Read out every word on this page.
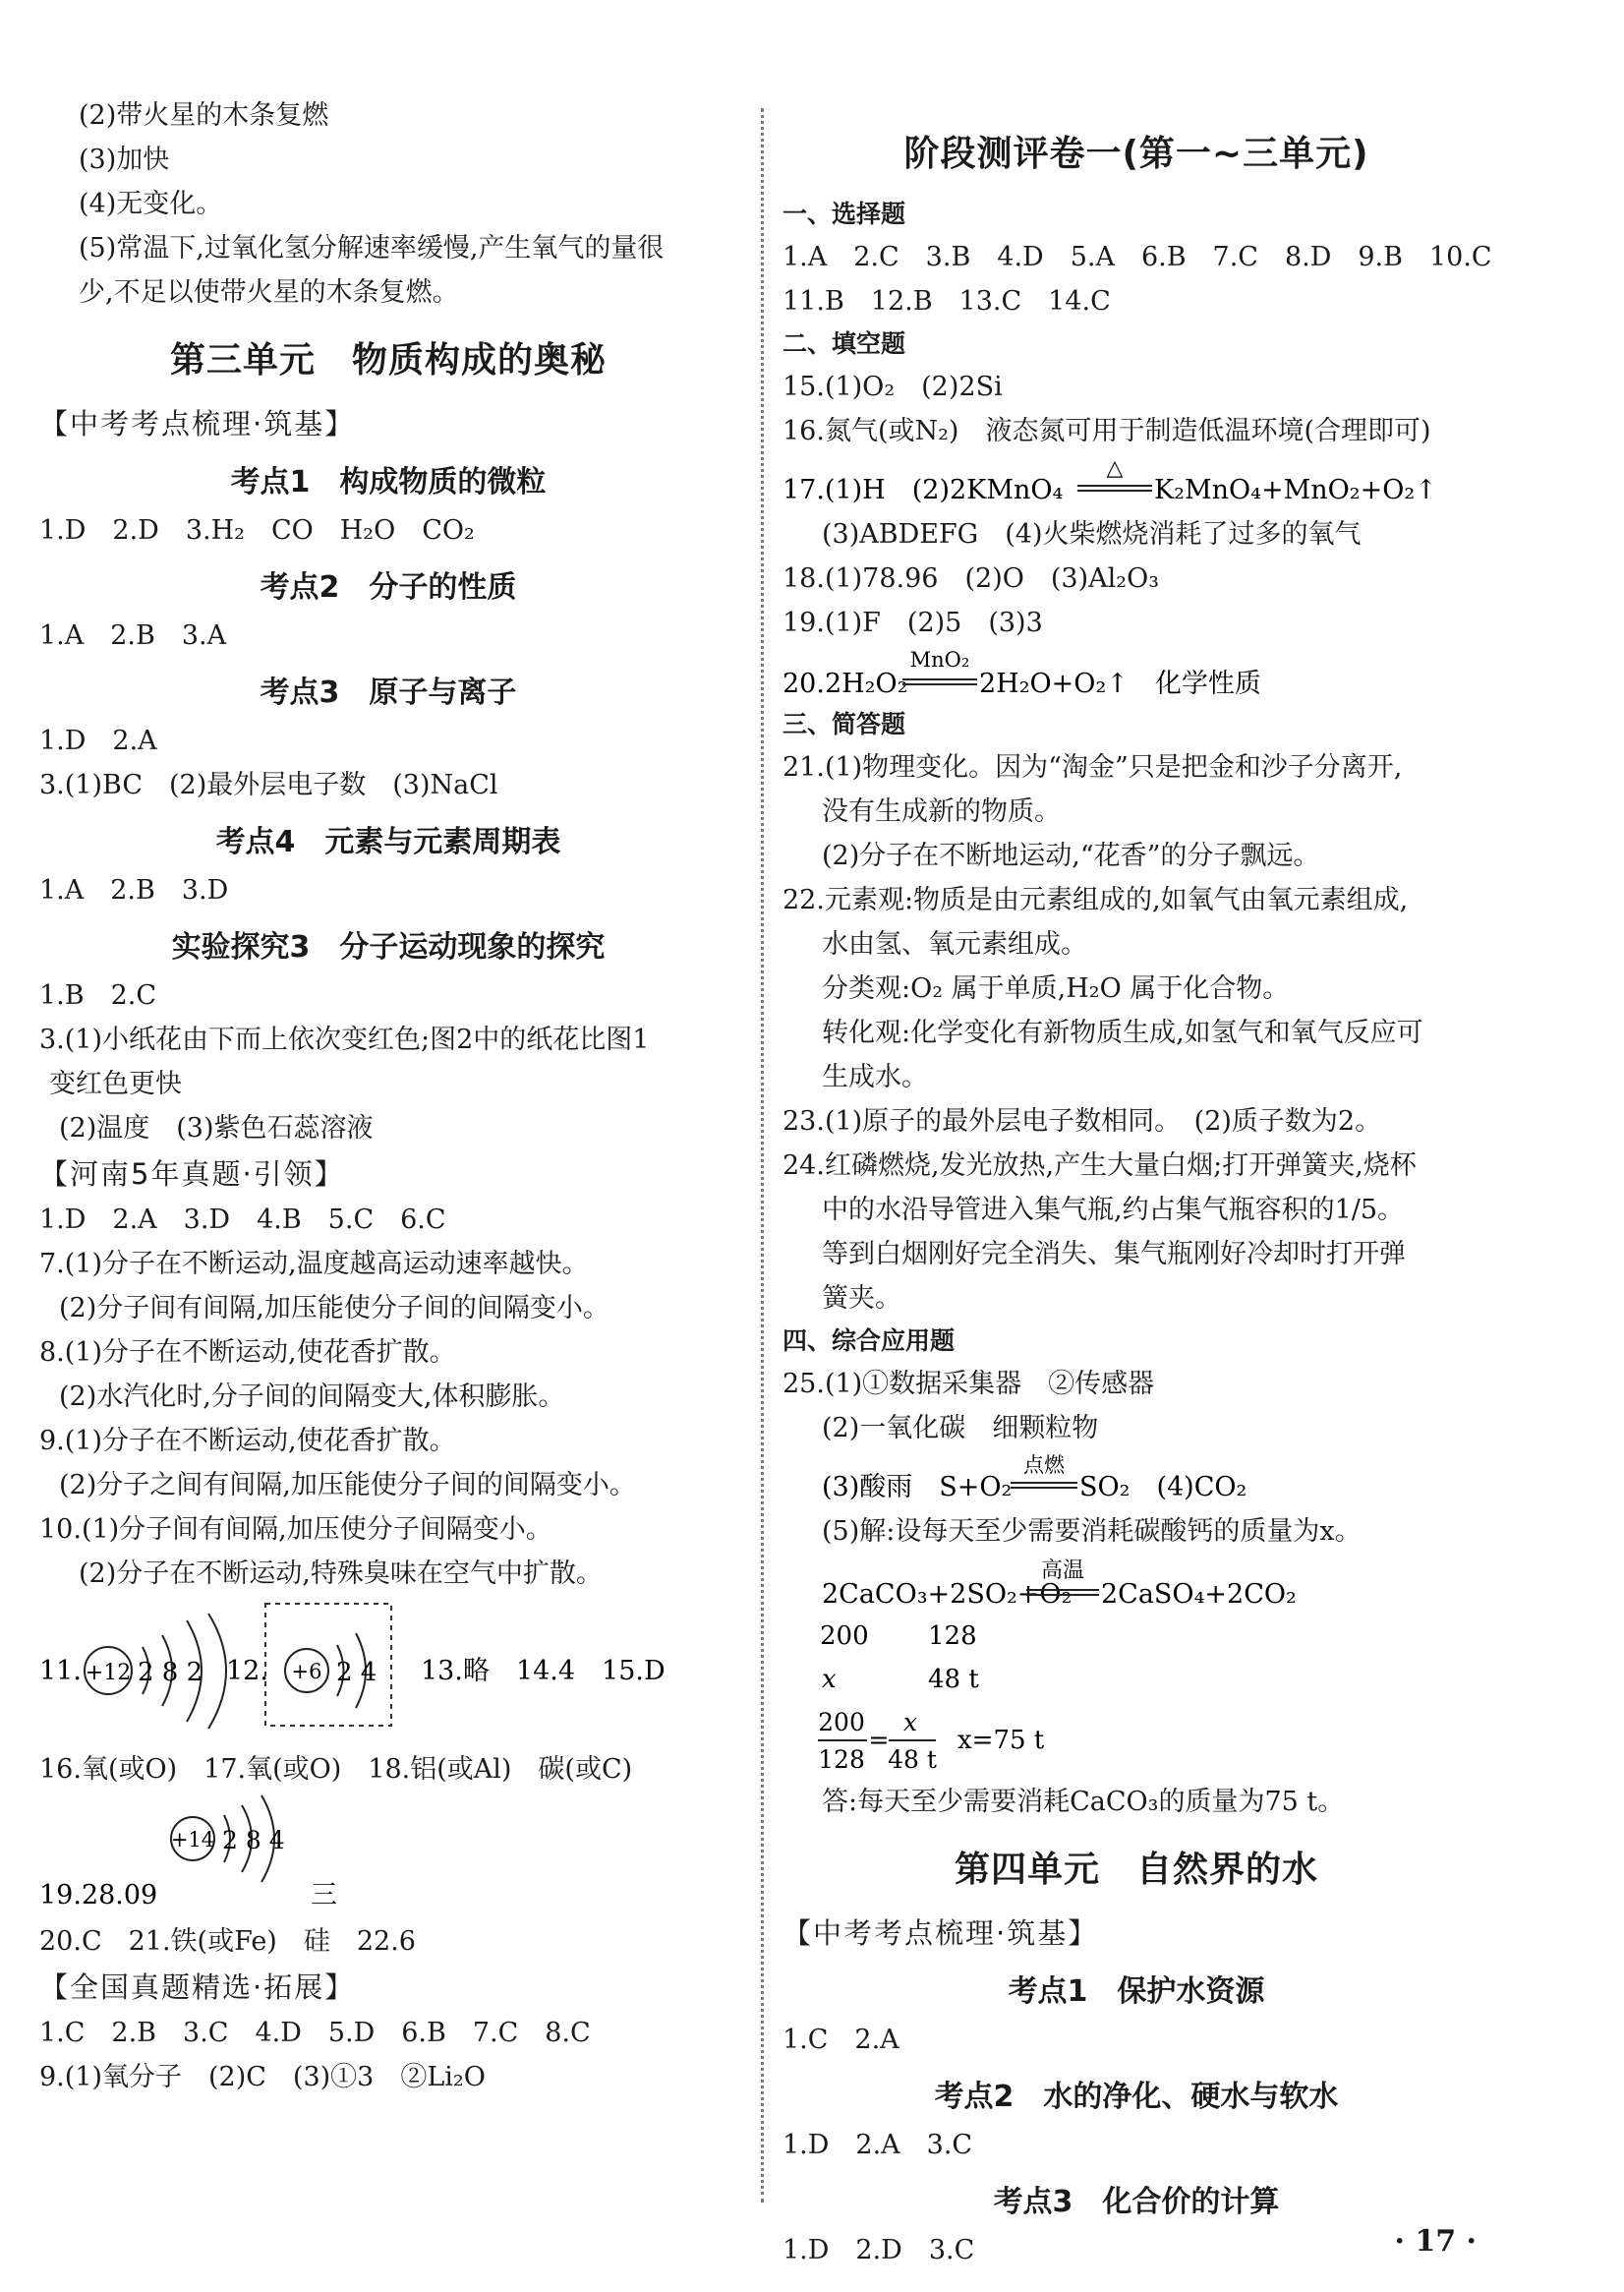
(2)带火星的木条复燃
(3)加快
(4)无变化。
(5)常温下,过氧化氢分解速率缓慢,产生氧气的量很
少,不足以使带火星的木条复燃。
第三单元　物质构成的奥秘
【中考考点梳理·筑基】
考点1　构成物质的微粒
1.D　2.D　3.H₂　CO　H₂O　CO₂
考点2　分子的性质
1.A　2.B　3.A
考点3　原子与离子
1.D　2.A
3.(1)BC　(2)最外层电子数　(3)NaCl
考点4　元素与元素周期表
1.A　2.B　3.D
实验探究3　分子运动现象的探究
1.B　2.C
3.(1)小纸花由下而上依次变红色;图2中的纸花比图1
变红色更快
(2)温度　(3)紫色石蕊溶液
【河南5年真题·引领】
1.D　2.A　3.D　4.B　5.C　6.C
7.(1)分子在不断运动,温度越高运动速率越快。
(2)分子间有间隔,加压能使分子间的间隔变小。
8.(1)分子在不断运动,使花香扩散。
(2)水汽化时,分子间的间隔变大,体积膨胀。
9.(1)分子在不断运动,使花香扩散。
(2)分子之间有间隔,加压能使分子间的间隔变小。
10.(1)分子间有间隔,加压使分子间隔变小。
(2)分子在不断运动,特殊臭味在空气中扩散。
11. +12 2 8 2 12. +6 2 4 13.略　14.4　15.D
16.氧(或O)　17.氧(或O)　18.铝(或Al)　碳(或C)
+14 2 8 4
19.28.09	三
20.C　21.铁(或Fe)　硅　22.6
【全国真题精选·拓展】
1.C　2.B　3.C　4.D　5.D　6.B　7.C　8.C
9.(1)氧分子　(2)C　(3)①3　②Li₂O
阶段测评卷一(第一~三单元)
一、选择题
1.A　2.C　3.B　4.D　5.A　6.B　7.C　8.D　9.B　10.C
11.B　12.B　13.C　14.C
二、填空题
15.(1)O₂　(2)2Si
16.氮气(或N₂)　液态氮可用于制造低温环境(合理即可)
17.(1)H　(2)2KMnO₄
△
K₂MnO₄+MnO₂+O₂↑
(3)ABDEFG　(4)火柴燃烧消耗了过多的氧气
18.(1)78.96　(2)O　(3)Al₂O₃
19.(1)F　(2)5　(3)3
20.2H₂O₂
MnO₂
2H₂O+O₂↑　化学性质
三、简答题
21.(1)物理变化。因为“淘金”只是把金和沙子分离开,
没有生成新的物质。
(2)分子在不断地运动,“花香”的分子飘远。
22.元素观:物质是由元素组成的,如氧气由氧元素组成,
水由氢、氧元素组成。
分类观:O₂ 属于单质,H₂O 属于化合物。
转化观:化学变化有新物质生成,如氢气和氧气反应可
生成水。
23.(1)原子的最外层电子数相同。　(2)质子数为2。
24.红磷燃烧,发光放热,产生大量白烟;打开弹簧夹,烧杯
中的水沿导管进入集气瓶,约占集气瓶容积的1/5。
等到白烟刚好完全消失、集气瓶刚好冷却时打开弹
簧夹。
四、综合应用题
25.(1)①数据采集器　②传感器
(2)一氧化碳　细颗粒物
(3)酸雨　S+O₂
点燃
SO₂　(4)CO₂
(5)解:设每天至少需要消耗碳酸钙的质量为x。
2CaCO₃+2SO₂+O₂
高温
2CaSO₄+2CO₂
200 128
x	48 t
200
128
=
x
48 t
x=75 t
答:每天至少需要消耗CaCO₃的质量为75 t。
第四单元　自然界的水
【中考考点梳理·筑基】
考点1　保护水资源
1.C　2.A
考点2　水的净化、硬水与软水
1.D　2.A　3.C
考点3　化合价的计算
1.D　2.D　3.C	· 17 ·
